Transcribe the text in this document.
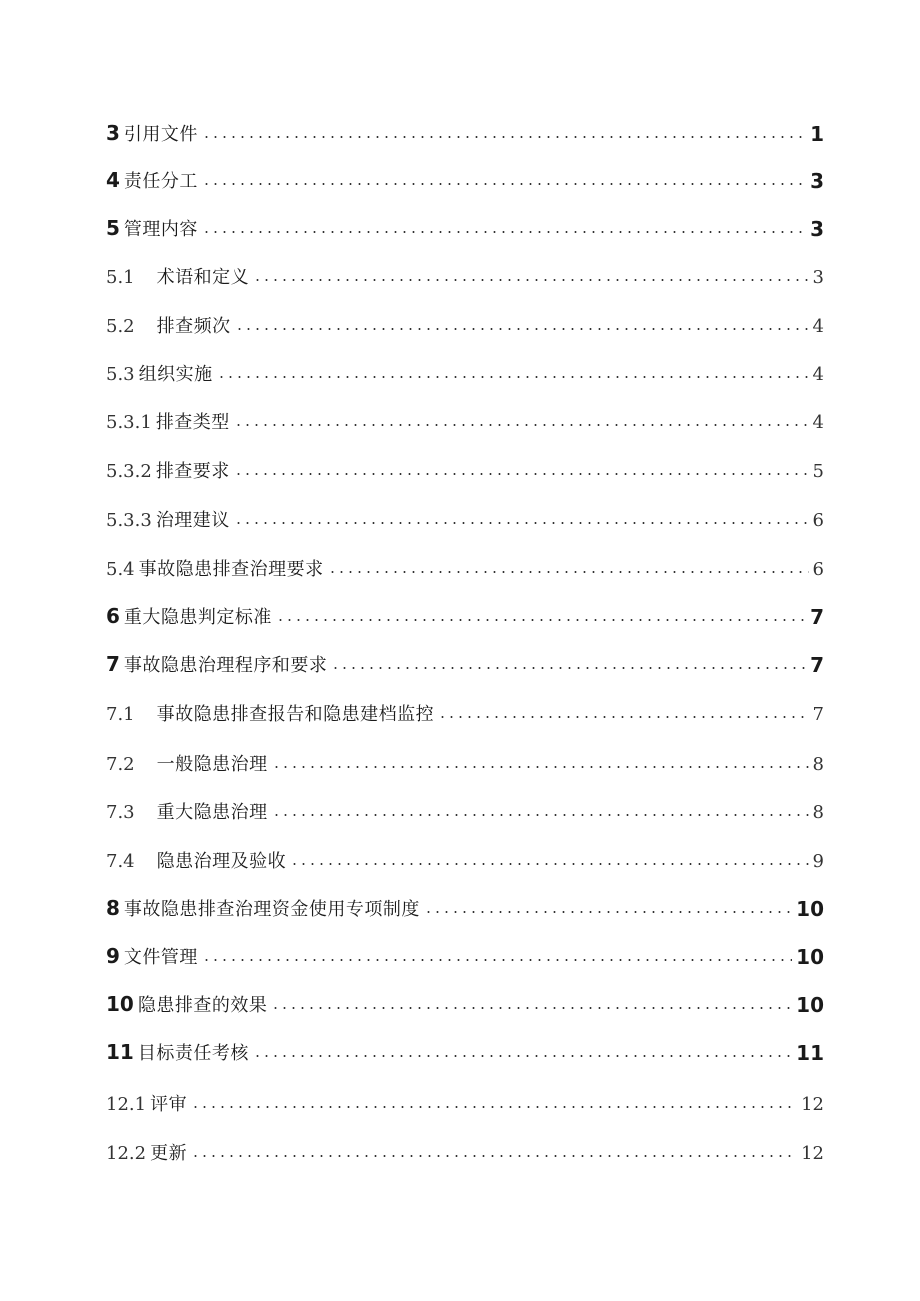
3 引用文件	1
4 责任分工	3
5 管理内容	3
5.1 术语和定义	3
5.2 排查频次	4
5.3 组织实施	4
5.3.1 排查类型	4
5.3.2 排查要求	5
5.3.3 治理建议	6
5.4 事故隐患排查治理要求	6
6 重大隐患判定标准	7
7 事故隐患治理程序和要求	7
7.1 事故隐患排查报告和隐患建档监控	7
7.2 一般隐患治理	8
7.3 重大隐患治理	8
7.4 隐患治理及验收	9
8 事故隐患排查治理资金使用专项制度	10
9 文件管理	10
10 隐患排查的效果	10
11 目标责任考核	11
12.1 评审	12
12.2 更新	12
